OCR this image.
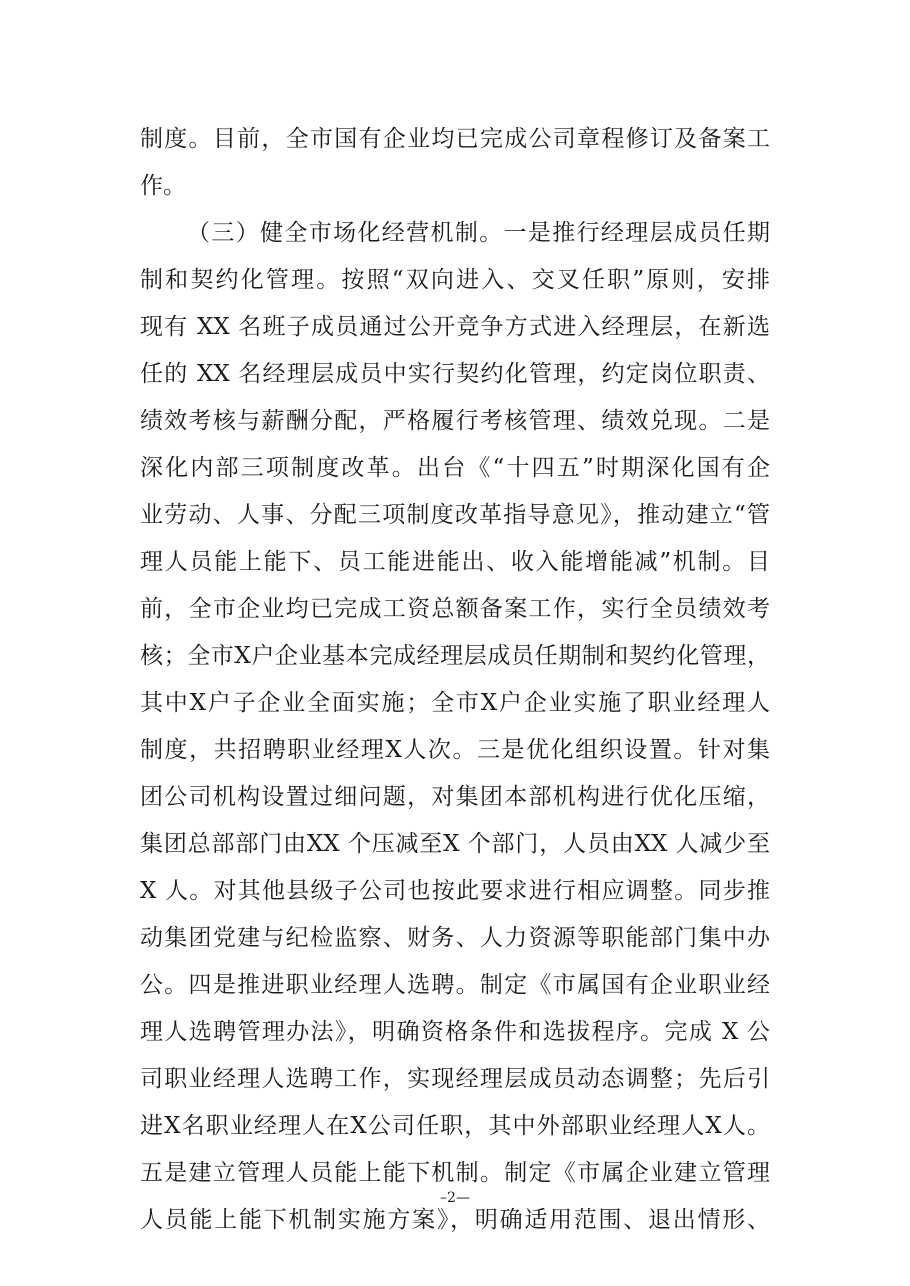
制度。目前，全市国有企业均已完成公司章程修订及备案工
作。
（三）健全市场化经营机制。一是推行经理层成员任期
制和契约化管理。按照“双向进入、交叉任职”原则，安排
现有 XX 名班子成员通过公开竞争方式进入经理层，在新选
任的 XX 名经理层成员中实行契约化管理，约定岗位职责、
绩效考核与薪酬分配，严格履行考核管理、绩效兑现。二是
深化内部三项制度改革。出台《“十四五”时期深化国有企
业劳动、人事、分配三项制度改革指导意见》，推动建立“管
理人员能上能下、员工能进能出、收入能增能减”机制。目
前，全市企业均已完成工资总额备案工作，实行全员绩效考
核；全市X户企业基本完成经理层成员任期制和契约化管理，
其中X户子企业全面实施；全市X户企业实施了职业经理人
制度，共招聘职业经理X人次。三是优化组织设置。针对集
团公司机构设置过细问题，对集团本部机构进行优化压缩，
集团总部部门由XX 个压减至X 个部门，人员由XX 人减少至
X 人。对其他县级子公司也按此要求进行相应调整。同步推
动集团党建与纪检监察、财务、人力资源等职能部门集中办
公。四是推进职业经理人选聘。制定《市属国有企业职业经
理人选聘管理办法》，明确资格条件和选拔程序。完成 X 公
司职业经理人选聘工作，实现经理层成员动态调整；先后引
进X名职业经理人在X公司任职，其中外部职业经理人X人。
五是建立管理人员能上能下机制。制定《市属企业建立管理
人员能上能下机制实施方案》，明确适用范围、退出情形、
–2—
